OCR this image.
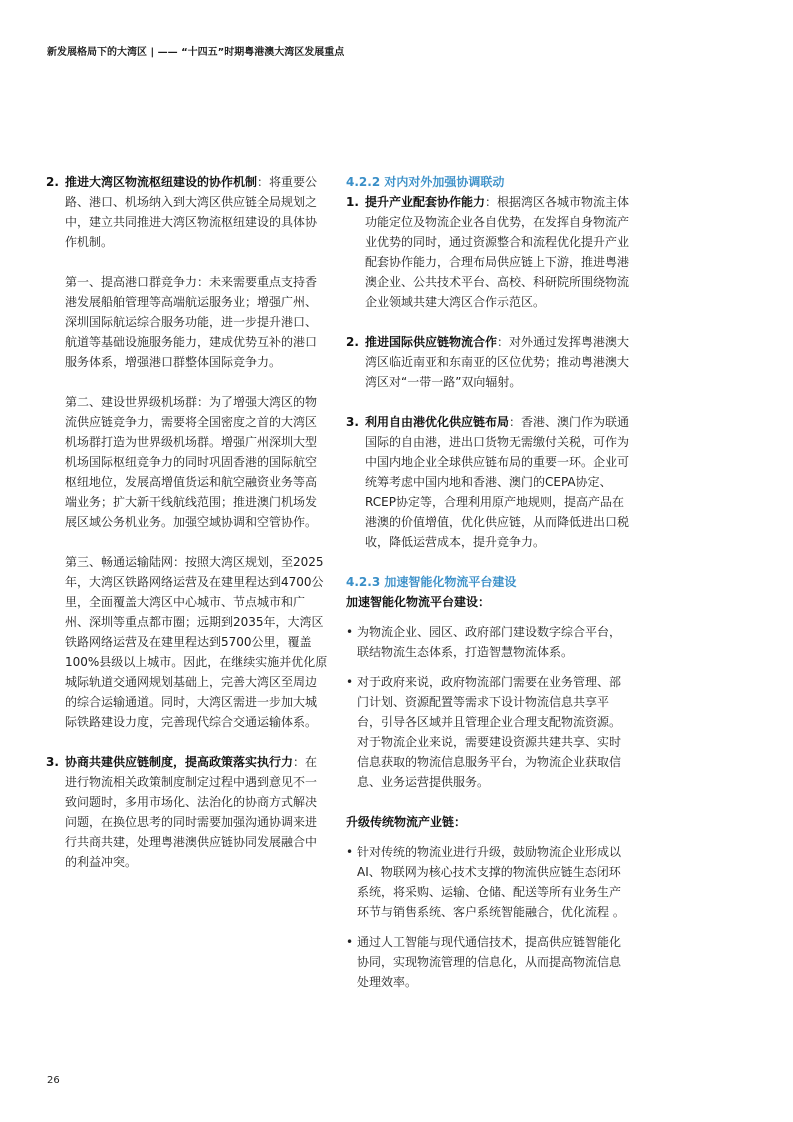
新发展格局下的大湾区 | —— “十四五”时期粤港澳大湾区发展重点
2. 推进大湾区物流枢纽建设的协作机制：将重要公路、港口、机场纳入到大湾区供应链全局规划之中，建立共同推进大湾区物流枢纽建设的具体协作机制。
第一、提高港口群竞争力：未来需要重点支持香港发展船舶管理等高端航运服务业；增强广州、深圳国际航运综合服务功能，进一步提升港口、航道等基础设施服务能力，建成优势互补的港口服务体系，增强港口群整体国际竞争力。
第二、建设世界级机场群：为了增强大湾区的物流供应链竞争力，需要将全国密度之首的大湾区机场群打造为世界级机场群。增强广州深圳大型机场国际枢纽竞争力的同时巩固香港的国际航空枢纽地位，发展高增值货运和航空融资业务等高端业务；扩大新干线航线范围；推进澳门机场发展区域公务机业务。加强空域协调和空管协作。
第三、畅通运输陆网：按照大湾区规划，至2025年，大湾区铁路网络运营及在建里程达到4700公里，全面覆盖大湾区中心城市、节点城市和广州、深圳等重点都市圈；远期到2035年，大湾区铁路网络运营及在建里程达到5700公里，覆盖100%县级以上城市。因此，在继续实施并优化原城际轨道交通网规划基础上，完善大湾区至周边的综合运输通道。同时，大湾区需进一步加大城际铁路建设力度，完善现代综合交通运输体系。
3. 协商共建供应链制度，提高政策落实执行力：在进行物流相关政策制度制定过程中遇到意见不一致问题时，多用市场化、法治化的协商方式解决问题，在换位思考的同时需要加强沟通协调来进行共商共建，处理粤港澳供应链协同发展融合中的利益冲突。
4.2.2 对内对外加强协调联动
1. 提升产业配套协作能力：根据湾区各城市物流主体功能定位及物流企业各自优势，在发挥自身物流产业优势的同时，通过资源整合和流程优化提升产业配套协作能力，合理布局供应链上下游，推进粤港澳企业、公共技术平台、高校、科研院所围绕物流企业领域共建大湾区合作示范区。
2. 推进国际供应链物流合作：对外通过发挥粤港澳大湾区临近南亚和东南亚的区位优势；推动粤港澳大湾区对“一带一路”双向辐射。
3. 利用自由港优化供应链布局：香港、澳门作为联通国际的自由港，进出口货物无需缴付关税，可作为中国内地企业全球供应链布局的重要一环。企业可统筹考虑中国内地和香港、澳门的CEPA协定、RCEP协定等，合理利用原产地规则，提高产品在港澳的价值增值，优化供应链，从而降低进出口税收，降低运营成本，提升竞争力。
4.2.3 加速智能化物流平台建设
加速智能化物流平台建设：
• 为物流企业、园区、政府部门建设数字综合平台，联结物流生态体系，打造智慧物流体系。
• 对于政府来说，政府物流部门需要在业务管理、部门计划、资源配置等需求下设计物流信息共享平台，引导各区域并且管理企业合理支配物流资源。对于物流企业来说，需要建设资源共建共享、实时信息获取的物流信息服务平台，为物流企业获取信息、业务运营提供服务。
升级传统物流产业链：
• 针对传统的物流业进行升级，鼓励物流企业形成以AI、物联网为核心技术支撑的物流供应链生态闭环系统，将采购、运输、仓储、配送等所有业务生产环节与销售系统、客户系统智能融合，优化流程 。
• 通过人工智能与现代通信技术，提高供应链智能化协同，实现物流管理的信息化，从而提高物流信息处理效率。
26
